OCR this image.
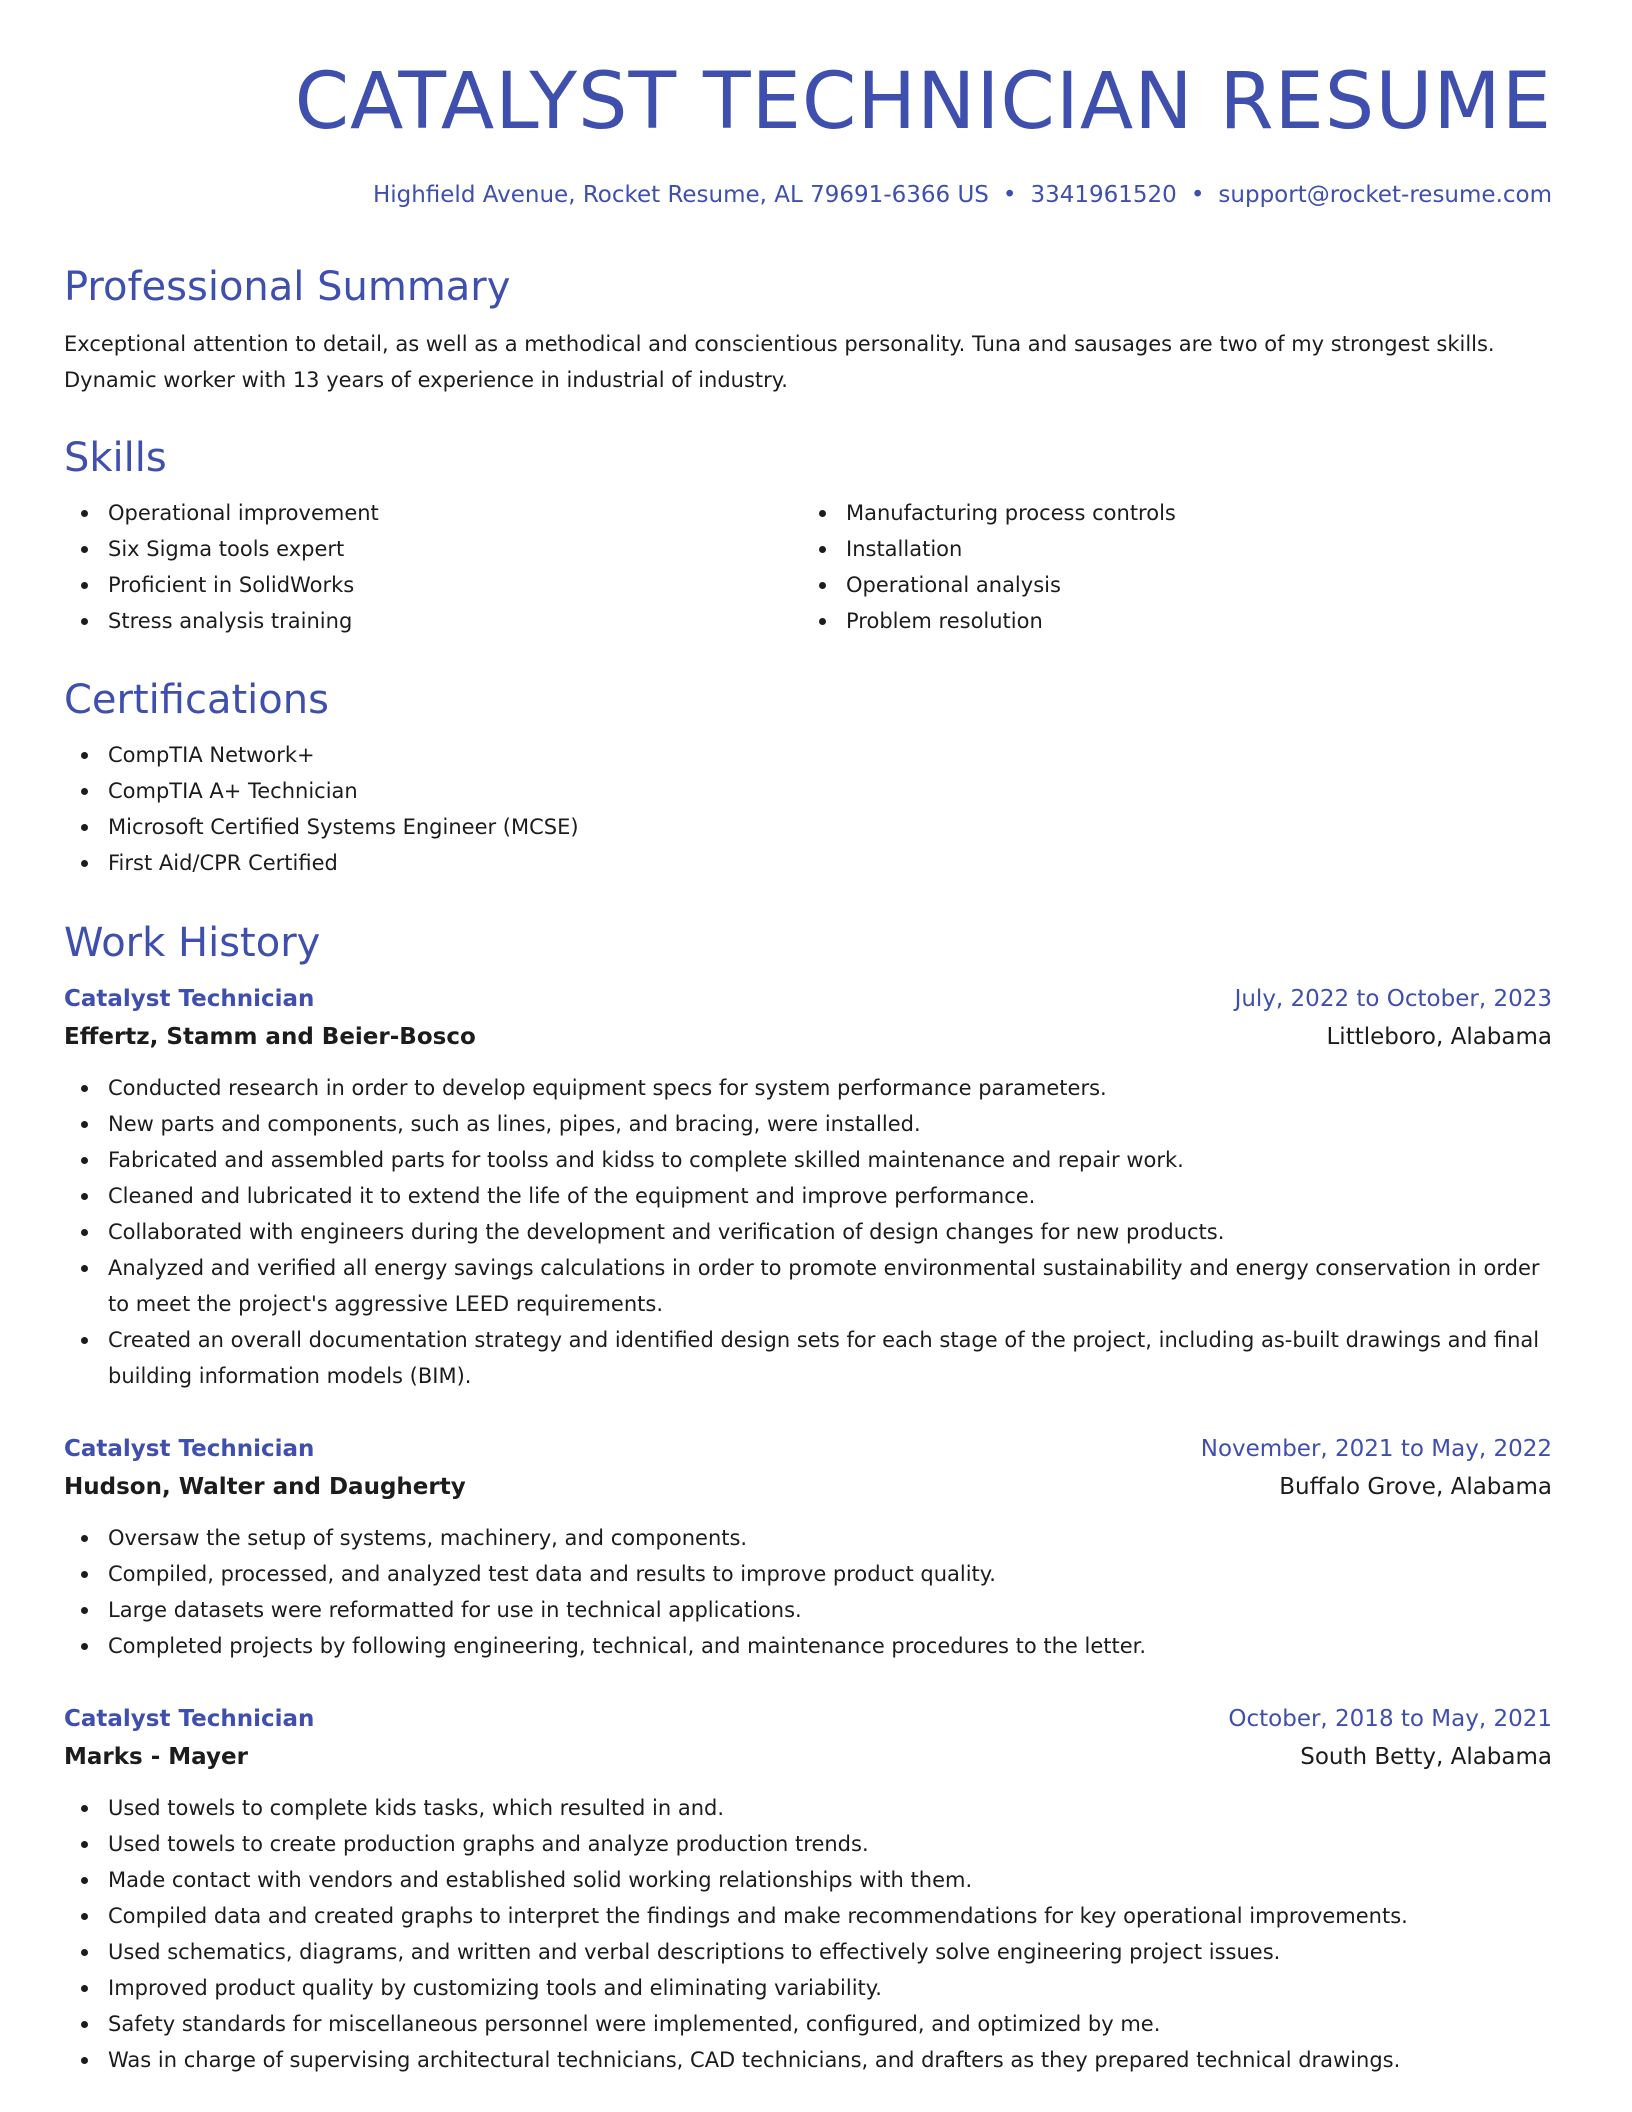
CATALYST TECHNICIAN RESUME
Highfield Avenue, Rocket Resume, AL 79691-6366 US • 3341961520 • support@rocket-resume.com
Professional Summary

Exceptional attention to detail, as well as a methodical and conscientious personality. Tuna and sausages are two of my strongest skills. Dynamic worker with 13 years of experience in industrial of industry.

Skills
Operational improvement
Six Sigma tools expert
Proficient in SolidWorks
Stress analysis training
Manufacturing process controls
Installation
Operational analysis
Problem resolution
Certifications
CompTIA Network+
CompTIA A+ Technician
Microsoft Certified Systems Engineer (MCSE)
First Aid/CPR Certified
Work History
Catalyst Technician	July, 2022 to October, 2023
Effertz, Stamm and Beier-Bosco	Littleboro, Alabama
Conducted research in order to develop equipment specs for system performance parameters.
New parts and components, such as lines, pipes, and bracing, were installed.
Fabricated and assembled parts for toolss and kidss to complete skilled maintenance and repair work.
Cleaned and lubricated it to extend the life of the equipment and improve performance.
Collaborated with engineers during the development and verification of design changes for new products.
Analyzed and verified all energy savings calculations in order to promote environmental sustainability and energy conservation in order to meet the project's aggressive LEED requirements.
Created an overall documentation strategy and identified design sets for each stage of the project, including as-built drawings and final building information models (BIM).
Catalyst Technician	November, 2021 to May, 2022
Hudson, Walter and Daugherty	Buffalo Grove, Alabama
Oversaw the setup of systems, machinery, and components.
Compiled, processed, and analyzed test data and results to improve product quality.
Large datasets were reformatted for use in technical applications.
Completed projects by following engineering, technical, and maintenance procedures to the letter.
Catalyst Technician	October, 2018 to May, 2021
Marks - Mayer	South Betty, Alabama
Used towels to complete kids tasks, which resulted in and.
Used towels to create production graphs and analyze production trends.
Made contact with vendors and established solid working relationships with them.
Compiled data and created graphs to interpret the findings and make recommendations for key operational improvements.
Used schematics, diagrams, and written and verbal descriptions to effectively solve engineering project issues.
Improved product quality by customizing tools and eliminating variability.
Safety standards for miscellaneous personnel were implemented, configured, and optimized by me.
Was in charge of supervising architectural technicians, CAD technicians, and drafters as they prepared technical drawings.
